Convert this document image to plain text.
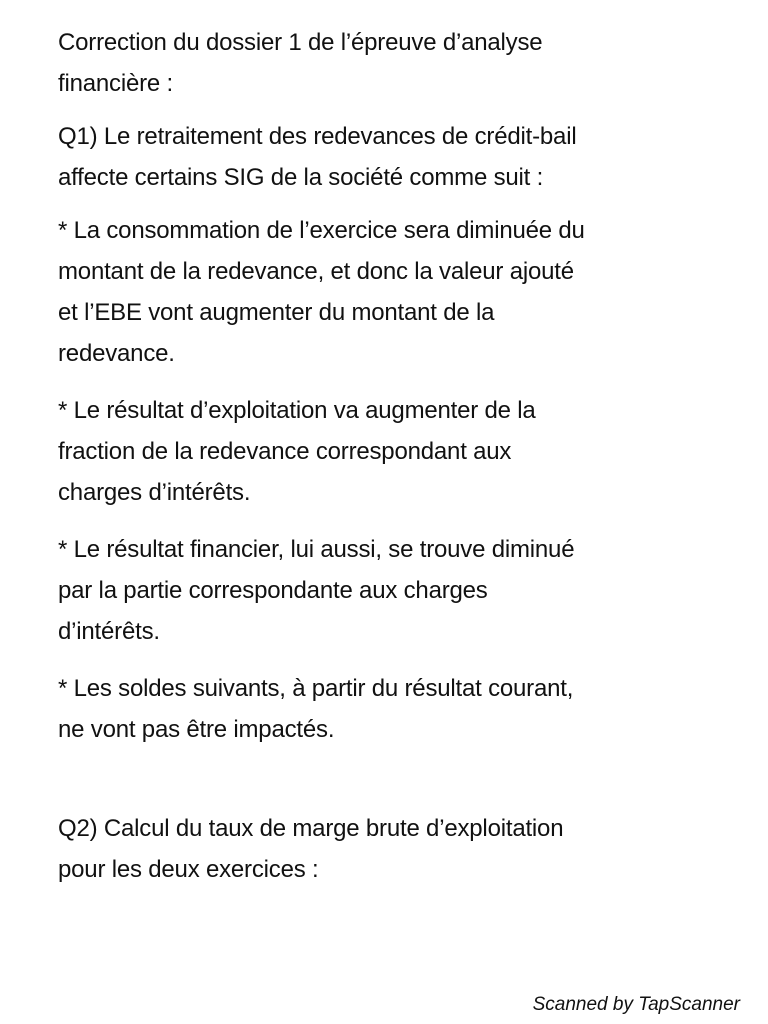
Correction du dossier 1 de l’épreuve d’analyse
financière :

Q1) Le retraitement des redevances de crédit-bail
affecte certains SIG de la société comme suit :

* La consommation de l’exercice sera diminuée du
montant de la redevance, et donc la valeur ajouté
et l’EBE vont augmenter du montant de la
redevance.

* Le résultat d’exploitation va augmenter de la
fraction de la redevance correspondant aux
charges d’intérêts.

* Le résultat financier, lui aussi, se trouve diminué
par la partie correspondante aux charges
d’intérêts.

* Les soldes suivants, à partir du résultat courant,
ne vont pas être impactés.

Q2) Calcul du taux de marge brute d’exploitation
pour les deux exercices :

Scanned by TapScanner
